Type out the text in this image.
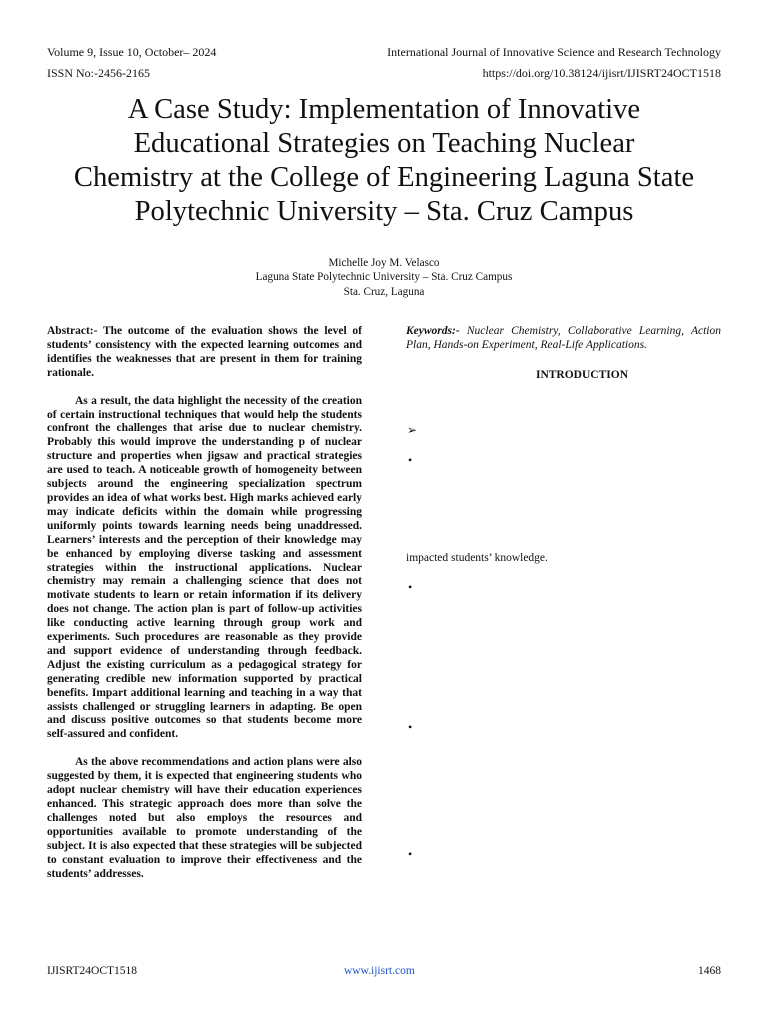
Volume 9, Issue 10, October– 2024
ISSN No:-2456-2165
International Journal of Innovative Science and Research Technology
https://doi.org/10.38124/ijisrt/IJISRT24OCT1518
A Case Study: Implementation of Innovative
Educational Strategies on Teaching Nuclear
Chemistry at the College of Engineering Laguna State
Polytechnic University – Sta. Cruz Campus
Michelle Joy M. Velasco
Laguna State Polytechnic University – Sta. Cruz Campus
Sta. Cruz, Laguna

Abstract:- The outcome of the evaluation shows the level of students’ consistency with the expected learning outcomes and identifies the weaknesses that are present in them for training rationale.

As a result, the data highlight the necessity of the creation of certain instructional techniques that would help the students confront the challenges that arise due to nuclear chemistry. Probably this would improve the understanding p of nuclear structure and properties when jigsaw and practical strategies are used to teach. A noticeable growth of homogeneity between subjects around the engineering specialization spectrum provides an idea of what works best. High marks achieved early may indicate deficits within the domain while progressing uniformly points towards learning needs being unaddressed. Learners’ interests and the perception of their knowledge may be enhanced by employing diverse tasking and assessment strategies within the instructional applications. Nuclear chemistry may remain a challenging science that does not motivate students to learn or retain information if its delivery does not change. The action plan is part of follow-up activities like conducting active learning through group work and experiments. Such procedures are reasonable as they provide and support evidence of understanding through feedback. Adjust the existing curriculum as a pedagogical strategy for generating credible new information supported by practical benefits. Impart additional learning and teaching in a way that assists challenged or struggling learners in adapting. Be open and discuss positive outcomes so that students become more self-assured and confident.

As the above recommendations and action plans were also suggested by them, it is expected that engineering students who adopt nuclear chemistry will have their education experiences enhanced. This strategic approach does more than solve the challenges noted but also employs the resources and opportunities available to promote understanding of the subject. It is also expected that these strategies will be subjected to constant evaluation to improve their effectiveness and the students’ addresses.

Keywords:- Nuclear Chemistry, Collaborative Learning, Action Plan, Hands-on Experiment, Real-Life Applications.
INTRODUCTION
➢
•
impacted students’ knowledge.
•
•
•
IJISRT24OCT1518	www.ijisrt.com	1468
